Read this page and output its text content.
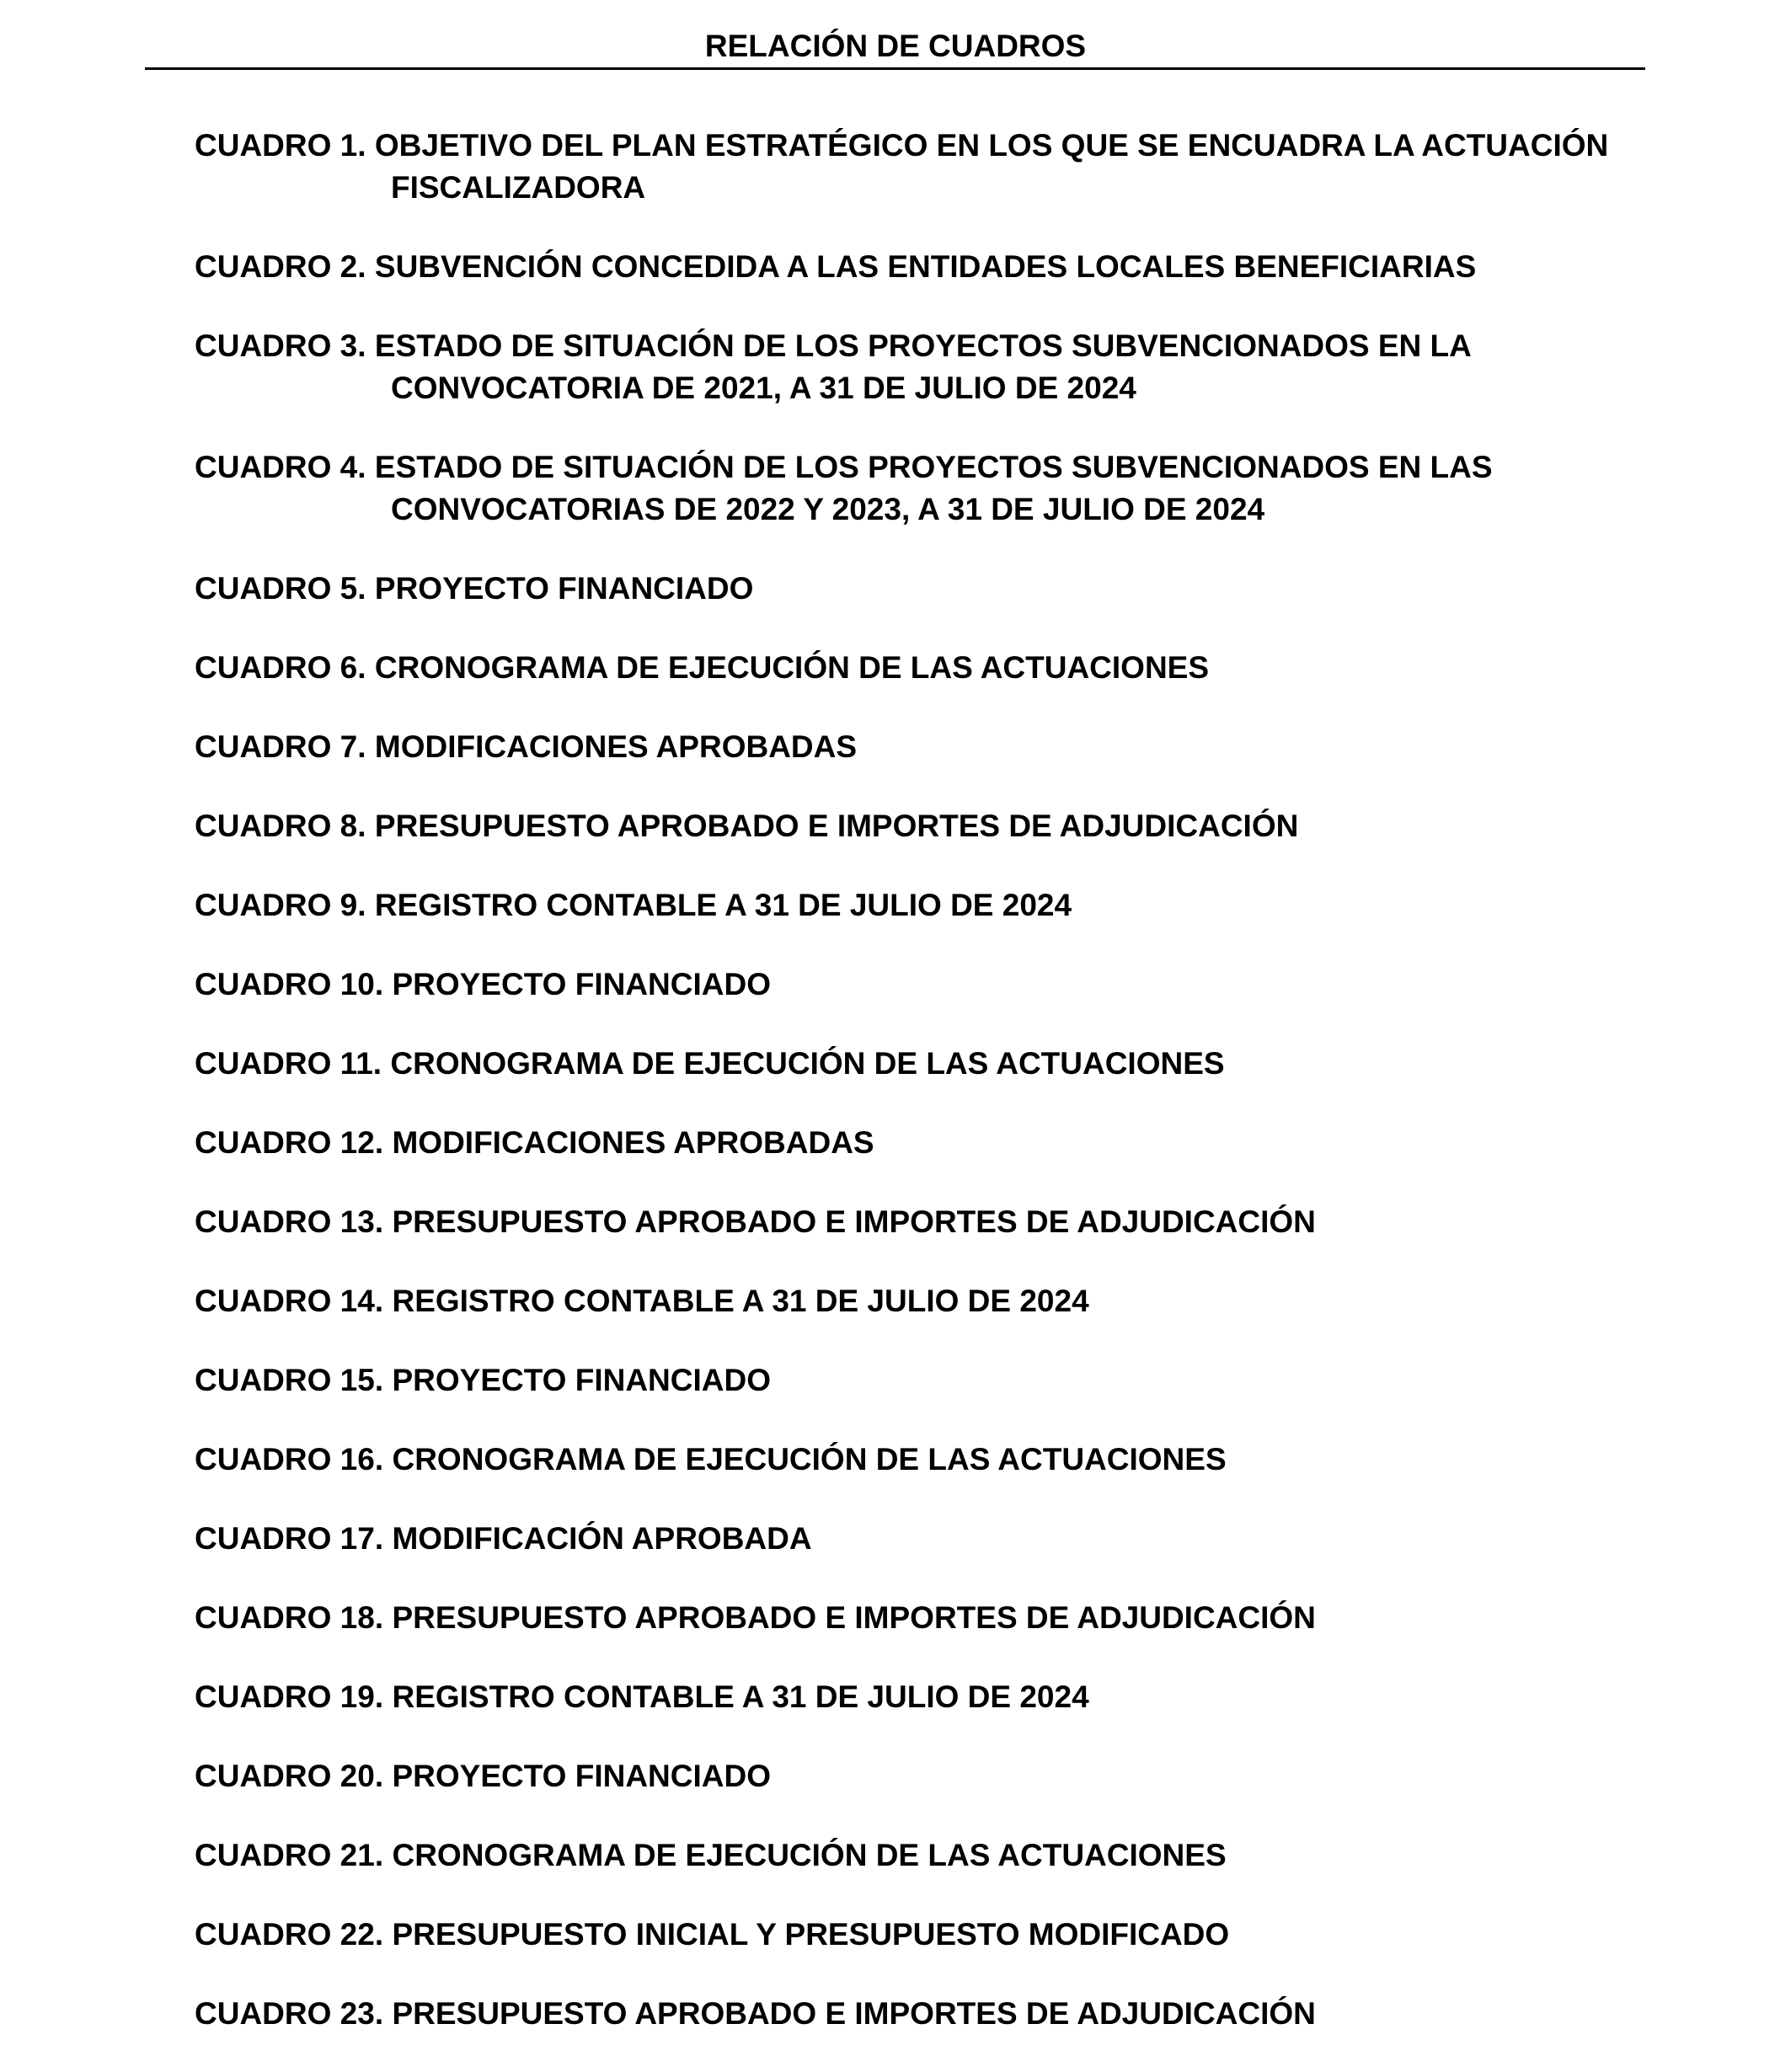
RELACIÓN DE CUADROS
CUADRO 1. OBJETIVO DEL PLAN ESTRATÉGICO EN LOS QUE SE ENCUADRA LA ACTUACIÓN FISCALIZADORA
CUADRO 2. SUBVENCIÓN CONCEDIDA A LAS ENTIDADES LOCALES BENEFICIARIAS
CUADRO 3. ESTADO DE SITUACIÓN DE LOS PROYECTOS SUBVENCIONADOS EN LA CONVOCATORIA DE 2021, A 31 DE JULIO DE 2024
CUADRO 4. ESTADO DE SITUACIÓN DE LOS PROYECTOS SUBVENCIONADOS EN LAS CONVOCATORIAS DE 2022 Y 2023, A 31 DE JULIO DE 2024
CUADRO 5. PROYECTO FINANCIADO
CUADRO 6. CRONOGRAMA DE EJECUCIÓN DE LAS ACTUACIONES
CUADRO 7. MODIFICACIONES APROBADAS
CUADRO 8. PRESUPUESTO APROBADO E IMPORTES DE ADJUDICACIÓN
CUADRO 9. REGISTRO CONTABLE A 31 DE JULIO DE 2024
CUADRO 10. PROYECTO FINANCIADO
CUADRO 11. CRONOGRAMA DE EJECUCIÓN DE LAS ACTUACIONES
CUADRO 12. MODIFICACIONES APROBADAS
CUADRO 13. PRESUPUESTO APROBADO E IMPORTES DE ADJUDICACIÓN
CUADRO 14. REGISTRO CONTABLE A 31 DE JULIO DE 2024
CUADRO 15. PROYECTO FINANCIADO
CUADRO 16. CRONOGRAMA DE EJECUCIÓN DE LAS ACTUACIONES
CUADRO 17. MODIFICACIÓN APROBADA
CUADRO 18. PRESUPUESTO APROBADO E IMPORTES DE ADJUDICACIÓN
CUADRO 19. REGISTRO CONTABLE A 31 DE JULIO DE 2024
CUADRO 20. PROYECTO FINANCIADO
CUADRO 21. CRONOGRAMA DE EJECUCIÓN DE LAS ACTUACIONES
CUADRO 22. PRESUPUESTO INICIAL Y PRESUPUESTO MODIFICADO
CUADRO 23. PRESUPUESTO APROBADO E IMPORTES DE ADJUDICACIÓN
